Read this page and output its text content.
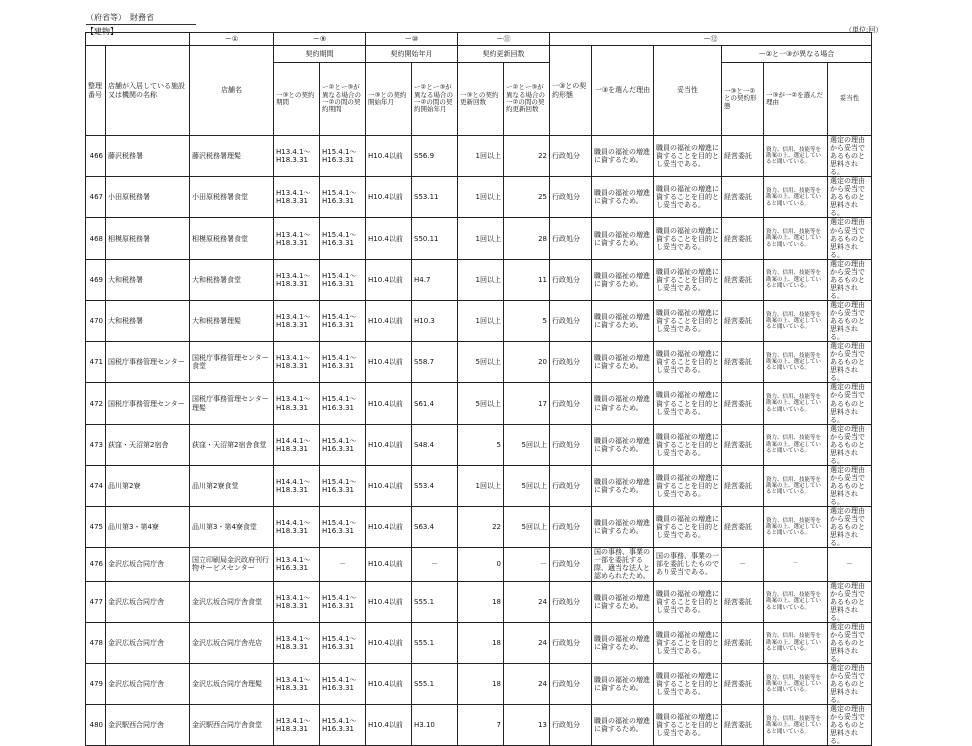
（府省等） 財務省
【建物】	（単位:回）
		ー①	ー⑨		ー⑩		ー⑪		ー⑫					
整理番号	店舗が入居している施設又は機関の名称	店舗名	契約期間		契約開始年月		契約更新回数		一③との契約形態	一③を選んだ理由	妥当性	ー②と一③が異なる場合		
			一③との契約期間	ー②とー③が異なる場合の一②の間の契約期間	一③との契約開始年月	ー②とー③が異なる場合の一②の間の契約開始年月	一③との契約更新回数	ー②とー③が異なる場合の一②の間の契約更新回数				一③と一②との契約形態	一③が一②を選んだ理由	妥当性
466	藤沢税務署	藤沢税務署理髪	H13.4.1～H18.3.31	H15.4.1～H16.3.31	H10.4以前	S56.9	1回以上	22	行政処分	職員の福祉の増進に資するため。	職員の福祉の増進に資することを目的とし妥当である。	経営委託	資力、信用、技能等を勘案の上、選定していると聞いている。	選定の理由から妥当であるものと思料される。
467	小田原税務署	小田原税務署食堂	H13.4.1～H18.3.31	H15.4.1～H16.3.31	H10.4以前	S53.11	1回以上	25	行政処分	職員の福祉の増進に資するため。	職員の福祉の増進に資することを目的とし妥当である。	経営委託	資力、信用、技能等を勘案の上、選定していると聞いている。	選定の理由から妥当であるものと思料される。
468	相模原税務署	相模原税務署食堂	H13.4.1～H18.3.31	H15.4.1～H16.3.31	H10.4以前	S50.11	1回以上	28	行政処分	職員の福祉の増進に資するため。	職員の福祉の増進に資することを目的とし妥当である。	経営委託	資力、信用、技能等を勘案の上、選定していると聞いている。	選定の理由から妥当であるものと思料される。
469	大和税務署	大和税務署食堂	H13.4.1～H18.3.31	H15.4.1～H16.3.31	H10.4以前	H4.7	1回以上	11	行政処分	職員の福祉の増進に資するため。	職員の福祉の増進に資することを目的とし妥当である。	経営委託	資力、信用、技能等を勘案の上、選定していると聞いている。	選定の理由から妥当であるものと思料される。
470	大和税務署	大和税務署理髪	H13.4.1～H18.3.31	H15.4.1～H16.3.31	H10.4以前	H10.3	1回以上	5	行政処分	職員の福祉の増進に資するため。	職員の福祉の増進に資することを目的とし妥当である。	経営委託	資力、信用、技能等を勘案の上、選定していると聞いている。	選定の理由から妥当であるものと思料される。
471	国税庁事務管理センター	国税庁事務管理センター食堂	H13.4.1～H18.3.31	H15.4.1～H16.3.31	H10.4以前	S58.7	5回以上	20	行政処分	職員の福祉の増進に資するため。	職員の福祉の増進に資することを目的とし妥当である。	経営委託	資力、信用、技能等を勘案の上、選定していると聞いている。	選定の理由から妥当であるものと思料される。
472	国税庁事務管理センター	国税庁事務管理センター理髪	H13.4.1～H18.3.31	H15.4.1～H16.3.31	H10.4以前	S61.4	5回以上	17	行政処分	職員の福祉の増進に資するため。	職員の福祉の増進に資することを目的とし妥当である。	経営委託	資力、信用、技能等を勘案の上、選定していると聞いている。	選定の理由から妥当であるものと思料される。
473	荻窪・天沼第2宿舎	荻窪・天沼第2宿舎食堂	H14.4.1～H18.3.31	H15.4.1～H16.3.31	H10.4以前	S48.4	5	5回以上	行政処分	職員の福祉の増進に資するため。	職員の福祉の増進に資することを目的とし妥当である。	経営委託	資力、信用、技能等を勘案の上、選定していると聞いている。	選定の理由から妥当であるものと思料される。
474	品川第2寮	品川第2寮食堂	H14.4.1～H18.3.31	H15.4.1～H16.3.31	H10.4以前	S53.4	1回以上	5回以上	行政処分	職員の福祉の増進に資するため。	職員の福祉の増進に資することを目的とし妥当である。	経営委託	資力、信用、技能等を勘案の上、選定していると聞いている。	選定の理由から妥当であるものと思料される。
475	品川第3・第4寮	品川第3・第4寮食堂	H14.4.1～H18.3.31	H15.4.1～H16.3.31	H10.4以前	S63.4	22	5回以上	行政処分	職員の福祉の増進に資するため。	職員の福祉の増進に資することを目的とし妥当である。	経営委託	資力、信用、技能等を勘案の上、選定していると聞いている。	選定の理由から妥当であるものと思料される。
476	金沢広坂合同庁舎	国立印刷局金沢政府刊行物サービスセンター	H13.4.1～H16.3.31	－	H10.4以前	－	0	－	行政処分	国の事務、事業の一部を委託する際、適当な法人と認められたため。	国の事務、事業の一部を委託したものであり妥当である。	－	－	－
477	金沢広坂合同庁舎	金沢広坂合同庁舎食堂	H13.4.1～H18.3.31	H15.4.1～H16.3.31	H10.4以前	S55.1	18	24	行政処分	職員の福祉の増進に資するため。	職員の福祉の増進に資することを目的とし妥当である。	経営委託	資力、信用、技能等を勘案の上、選定していると聞いている。	選定の理由から妥当であるものと思料される。
478	金沢広坂合同庁舎	金沢広坂合同庁舎売店	H13.4.1～H18.3.31	H15.4.1～H16.3.31	H10.4以前	S55.1	18	24	行政処分	職員の福祉の増進に資するため。	職員の福祉の増進に資することを目的とし妥当である。	経営委託	資力、信用、技能等を勘案の上、選定していると聞いている。	選定の理由から妥当であるものと思料される。
479	金沢広坂合同庁舎	金沢広坂合同庁舎理髪	H13.4.1～H18.3.31	H15.4.1～H16.3.31	H10.4以前	S55.1	18	24	行政処分	職員の福祉の増進に資するため。	職員の福祉の増進に資することを目的とし妥当である。	経営委託	資力、信用、技能等を勘案の上、選定していると聞いている。	選定の理由から妥当であるものと思料される。
480	金沢駅西合同庁舎	金沢駅西合同庁舎食堂	H13.4.1～H18.3.31	H15.4.1～H16.3.31	H10.4以前	H3.10	7	13	行政処分	職員の福祉の増進に資するため。	職員の福祉の増進に資することを目的とし妥当である。	経営委託	資力、信用、技能等を勘案の上、選定していると聞いている。	選定の理由から妥当であるものと思料される。
